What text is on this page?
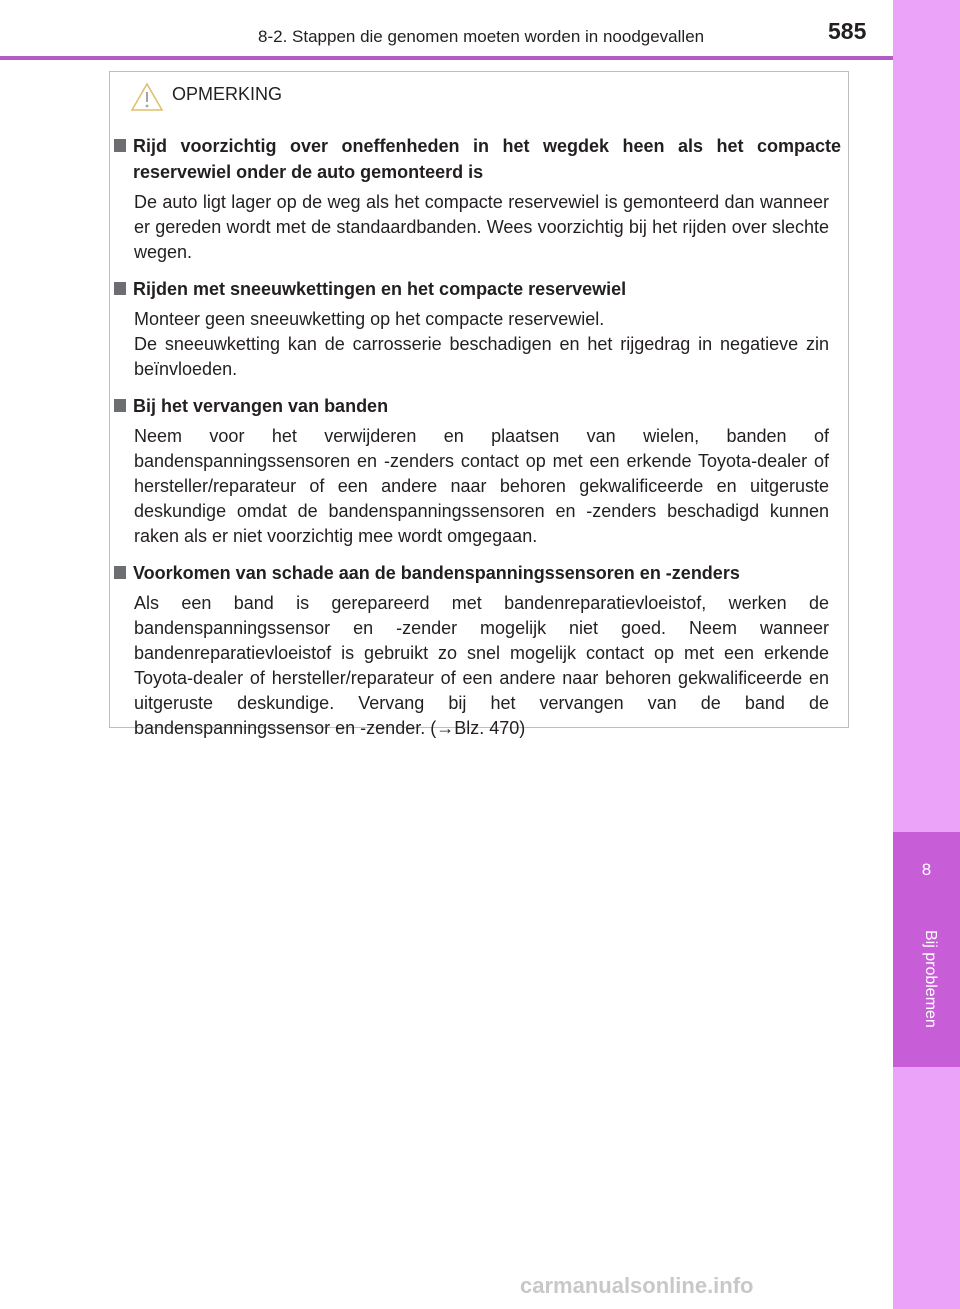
8-2. Stappen die genomen moeten worden in noodgevallen	585
8
Bij problemen
OPMERKING
Rijd voorzichtig over oneffenheden in het wegdek heen als het compacte reservewiel onder de auto gemonteerd is
De auto ligt lager op de weg als het compacte reservewiel is gemonteerd dan wanneer er gereden wordt met de standaardbanden. Wees voorzichtig bij het rijden over slechte wegen.
Rijden met sneeuwkettingen en het compacte reservewiel
Monteer geen sneeuwketting op het compacte reservewiel.
De sneeuwketting kan de carrosserie beschadigen en het rijgedrag in negatieve zin beïnvloeden.
Bij het vervangen van banden
Neem voor het verwijderen en plaatsen van wielen, banden of bandenspanningssensoren en -zenders contact op met een erkende Toyota-dealer of hersteller/reparateur of een andere naar behoren gekwalificeerde en uitgeruste deskundige omdat de bandenspanningssensoren en -zenders beschadigd kunnen raken als er niet voorzichtig mee wordt omgegaan.
Voorkomen van schade aan de bandenspanningssensoren en -zenders
Als een band is gerepareerd met bandenreparatievloeistof, werken de bandenspanningssensor en -zender mogelijk niet goed. Neem wanneer bandenreparatievloeistof is gebruikt zo snel mogelijk contact op met een erkende Toyota-dealer of hersteller/reparateur of een andere naar behoren gekwalificeerde en uitgeruste deskundige. Vervang bij het vervangen van de band de bandenspanningssensor en -zender. (→Blz. 470)
carmanualsonline.info
